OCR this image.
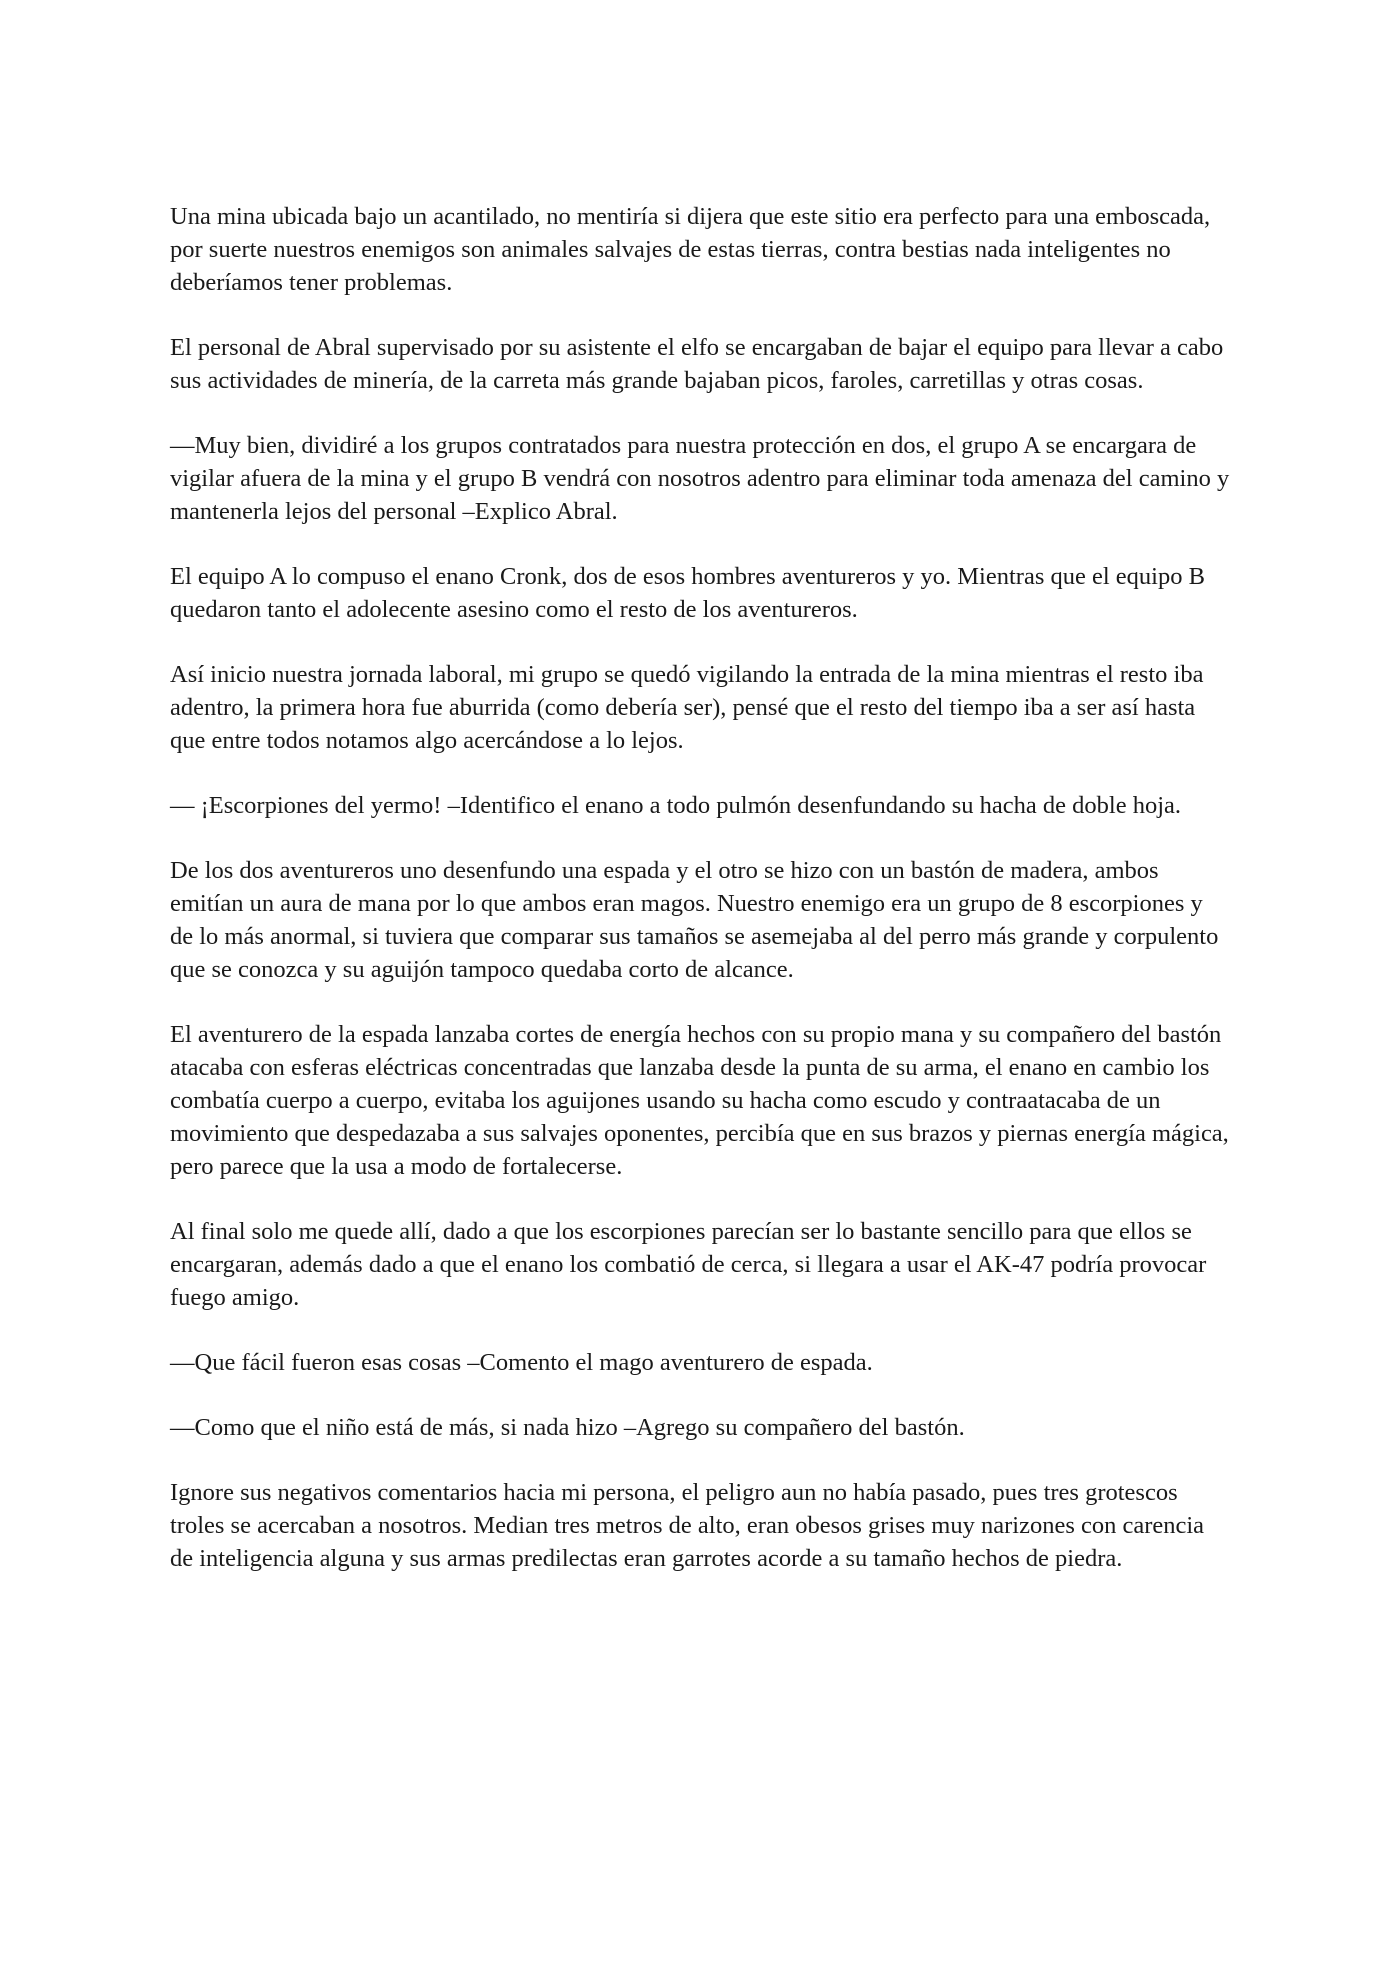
Una mina ubicada bajo un acantilado, no mentiría si dijera que este sitio era perfecto para una emboscada, por suerte nuestros enemigos son animales salvajes de estas tierras, contra bestias nada inteligentes no deberíamos tener problemas.

El personal de Abral supervisado por su asistente el elfo se encargaban de bajar el equipo para llevar a cabo sus actividades de minería, de la carreta más grande bajaban picos, faroles, carretillas y otras cosas.

—Muy bien, dividiré a los grupos contratados para nuestra protección en dos, el grupo A se encargara de vigilar afuera de la mina y el grupo B vendrá con nosotros adentro para eliminar toda amenaza del camino y mantenerla lejos del personal –Explico Abral.

El equipo A lo compuso el enano Cronk, dos de esos hombres aventureros y yo. Mientras que el equipo B quedaron tanto el adolecente asesino como el resto de los aventureros.

Así inicio nuestra jornada laboral, mi grupo se quedó vigilando la entrada de la mina mientras el resto iba adentro, la primera hora fue aburrida (como debería ser), pensé que el resto del tiempo iba a ser así hasta que entre todos notamos algo acercándose a lo lejos.

— ¡Escorpiones del yermo! –Identifico el enano a todo pulmón desenfundando su hacha de doble hoja.

De los dos aventureros uno desenfundo una espada y el otro se hizo con un bastón de madera, ambos emitían un aura de mana por lo que ambos eran magos. Nuestro enemigo era un grupo de 8 escorpiones y de lo más anormal, si tuviera que comparar sus tamaños se asemejaba al del perro más grande y corpulento que se conozca y su aguijón tampoco quedaba corto de alcance.

El aventurero de la espada lanzaba cortes de energía hechos con su propio mana y su compañero del bastón atacaba con esferas eléctricas concentradas que lanzaba desde la punta de su arma, el enano en cambio los combatía cuerpo a cuerpo, evitaba los aguijones usando su hacha como escudo y contraatacaba de un movimiento que despedazaba a sus salvajes oponentes, percibía que en sus brazos y piernas energía mágica, pero parece que la usa a modo de fortalecerse.

Al final solo me quede allí, dado a que los escorpiones parecían ser lo bastante sencillo para que ellos se encargaran, además dado a que el enano los combatió de cerca, si llegara a usar el AK-47 podría provocar fuego amigo.

—Que fácil fueron esas cosas –Comento el mago aventurero de espada.

—Como que el niño está de más, si nada hizo –Agrego su compañero del bastón.

Ignore sus negativos comentarios hacia mi persona, el peligro aun no había pasado, pues tres grotescos troles se acercaban a nosotros. Median tres metros de alto, eran obesos grises muy narizones con carencia de inteligencia alguna y sus armas predilectas eran garrotes acorde a su tamaño hechos de piedra.
